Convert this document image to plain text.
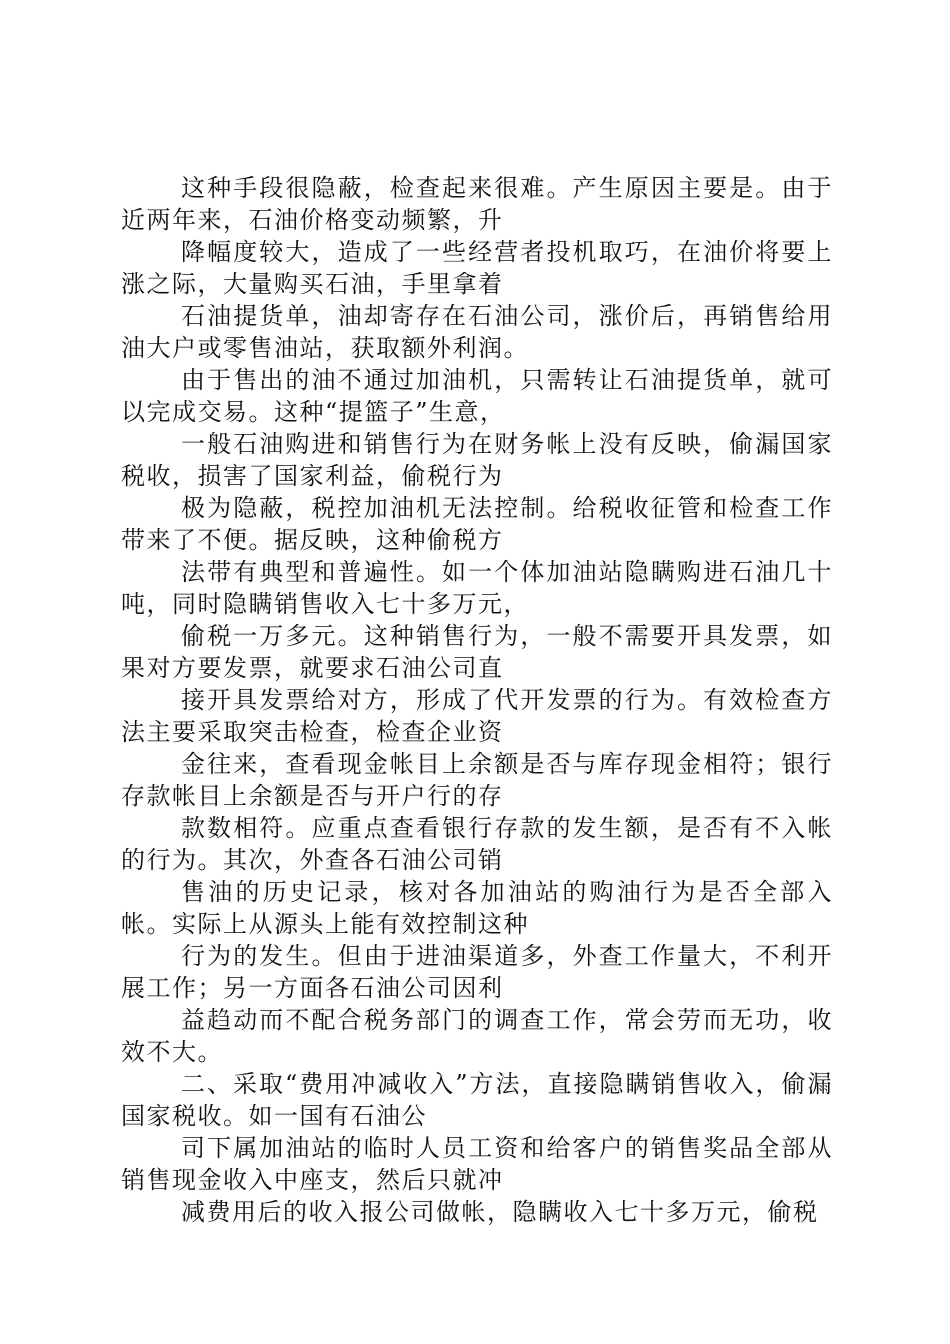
这种手段很隐蔽，检查起来很难。产生原因主要是。由于近两年来，石油价格变动频繁，升

降幅度较大，造成了一些经营者投机取巧，在油价将要上涨之际，大量购买石油，手里拿着

石油提货单，油却寄存在石油公司，涨价后，再销售给用油大户或零售油站，获取额外利润。

由于售出的油不通过加油机，只需转让石油提货单，就可以完成交易。这种“提篮子”生意，

一般石油购进和销售行为在财务帐上没有反映，偷漏国家税收，损害了国家利益，偷税行为

极为隐蔽，税控加油机无法控制。给税收征管和检查工作带来了不便。据反映，这种偷税方

法带有典型和普遍性。如一个体加油站隐瞒购进石油几十吨，同时隐瞒销售收入七十多万元，

偷税一万多元。这种销售行为，一般不需要开具发票，如果对方要发票，就要求石油公司直

接开具发票给对方，形成了代开发票的行为。有效检查方法主要采取突击检查，检查企业资

金往来，查看现金帐目上余额是否与库存现金相符；银行存款帐目上余额是否与开户行的存

款数相符。应重点查看银行存款的发生额，是否有不入帐的行为。其次，外查各石油公司销

售油的历史记录，核对各加油站的购油行为是否全部入帐。实际上从源头上能有效控制这种

行为的发生。但由于进油渠道多，外查工作量大，不利开展工作；另一方面各石油公司因利

益趋动而不配合税务部门的调查工作，常会劳而无功，收效不大。

二、采取“费用冲减收入”方法，直接隐瞒销售收入，偷漏国家税收。如一国有石油公

司下属加油站的临时人员工资和给客户的销售奖品全部从销售现金收入中座支，然后只就冲

减费用后的收入报公司做帐，隐瞒收入七十多万元，偷税
